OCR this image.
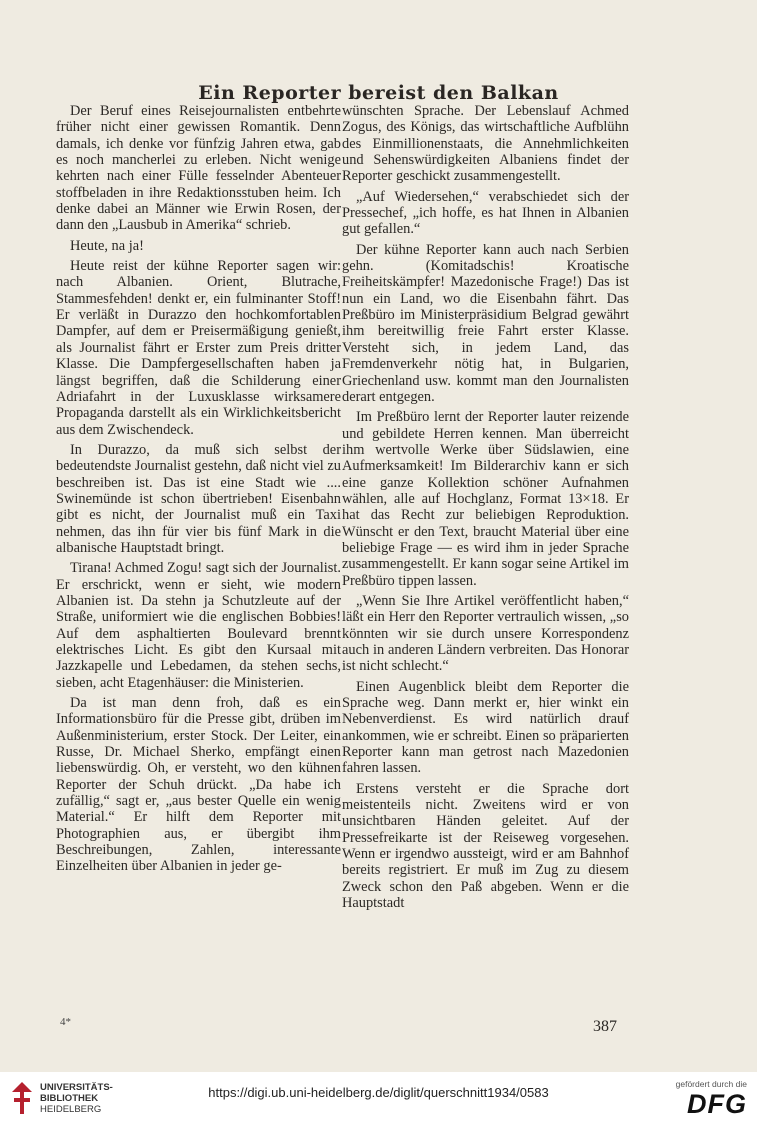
Ein Reporter bereist den Balkan

Der Beruf eines Reisejournalisten entbehrte früher nicht einer gewissen Romantik. Denn damals, ich denke vor fünfzig Jahren etwa, gab es noch mancherlei zu erleben. Nicht wenige kehrten nach einer Fülle fesselnder Abenteuer stoffbeladen in ihre Redaktionsstuben heim. Ich denke dabei an Männer wie Erwin Rosen, der dann den „Lausbub in Amerika“ schrieb.

Heute, na ja!

Heute reist der kühne Reporter sagen wir: nach Albanien. Orient, Blutrache, Stammesfehden! denkt er, ein fulminanter Stoff! Er verläßt in Durazzo den hochkomfortablen Dampfer, auf dem er Preisermäßigung genießt, als Journalist fährt er Erster zum Preis dritter Klasse. Die Dampfergesellschaften haben ja längst begriffen, daß die Schilderung einer Adriafahrt in der Luxusklasse wirksamere Propaganda darstellt als ein Wirklichkeitsbericht aus dem Zwischendeck.

In Durazzo, da muß sich selbst der bedeutendste Journalist gestehn, daß nicht viel zu beschreiben ist. Das ist eine Stadt wie .... Swinemünde ist schon übertrieben! Eisenbahn gibt es nicht, der Journalist muß ein Taxi nehmen, das ihn für vier bis fünf Mark in die albanische Hauptstadt bringt.

Tirana! Achmed Zogu! sagt sich der Journalist. Er erschrickt, wenn er sieht, wie modern Albanien ist. Da stehn ja Schutzleute auf der Straße, uniformiert wie die englischen Bobbies! Auf dem asphaltierten Boulevard brennt elektrisches Licht. Es gibt den Kursaal mit Jazzkapelle und Lebedamen, da stehen sechs, sieben, acht Etagenhäuser: die Ministerien.

Da ist man denn froh, daß es ein Informationsbüro für die Presse gibt, drüben im Außenministerium, erster Stock. Der Leiter, ein Russe, Dr. Michael Sherko, empfängt einen liebenswürdig. Oh, er versteht, wo den kühnen Reporter der Schuh drückt. „Da habe ich zufällig,“ sagt er, „aus bester Quelle ein wenig Material.“ Er hilft dem Reporter mit Photographien aus, er übergibt ihm Beschreibungen, Zahlen, interessante Einzelheiten über Albanien in jeder ge-

wünschten Sprache. Der Lebenslauf Achmed Zogus, des Königs, das wirtschaftliche Aufblühn des Einmillionenstaats, die Annehmlichkeiten und Sehenswürdigkeiten Albaniens findet der Reporter geschickt zusammengestellt.

„Auf Wiedersehen,“ verabschiedet sich der Pressechef, „ich hoffe, es hat Ihnen in Albanien gut gefallen.“

Der kühne Reporter kann auch nach Serbien gehn. (Komitadschis! Kroatische Freiheitskämpfer! Mazedonische Frage!) Das ist nun ein Land, wo die Eisenbahn fährt. Das Preßbüro im Ministerpräsidium Belgrad gewährt ihm bereitwillig freie Fahrt erster Klasse. Versteht sich, in jedem Land, das Fremdenverkehr nötig hat, in Bulgarien, Griechenland usw. kommt man den Journalisten derart entgegen.

Im Preßbüro lernt der Reporter lauter reizende und gebildete Herren kennen. Man überreicht ihm wertvolle Werke über Südslawien, eine Aufmerksamkeit! Im Bilderarchiv kann er sich eine ganze Kollektion schöner Aufnahmen wählen, alle auf Hochglanz, Format 13×18. Er hat das Recht zur beliebigen Reproduktion. Wünscht er den Text, braucht Material über eine beliebige Frage — es wird ihm in jeder Sprache zusammengestellt. Er kann sogar seine Artikel im Preßbüro tippen lassen.

„Wenn Sie Ihre Artikel veröffentlicht haben,“ läßt ein Herr den Reporter vertraulich wissen, „so könnten wir sie durch unsere Korrespondenz auch in anderen Ländern verbreiten. Das Honorar ist nicht schlecht.“

Einen Augenblick bleibt dem Reporter die Sprache weg. Dann merkt er, hier winkt ein Nebenverdienst. Es wird natürlich drauf ankommen, wie er schreibt. Einen so präparierten Reporter kann man getrost nach Mazedonien fahren lassen.

Erstens versteht er die Sprache dort meistenteils nicht. Zweitens wird er von unsichtbaren Händen geleitet. Auf der Pressefreikarte ist der Reiseweg vorgesehen. Wenn er irgendwo aussteigt, wird er am Bahnhof bereits registriert. Er muß im Zug zu diesem Zweck schon den Paß abgeben. Wenn er die Hauptstadt

4*	387
UNIVERSITÄTS-
BIBLIOTHEK
HEIDELBERG
https://digi.ub.uni-heidelberg.de/diglit/querschnitt1934/0583
gefördert durch die
DFG
